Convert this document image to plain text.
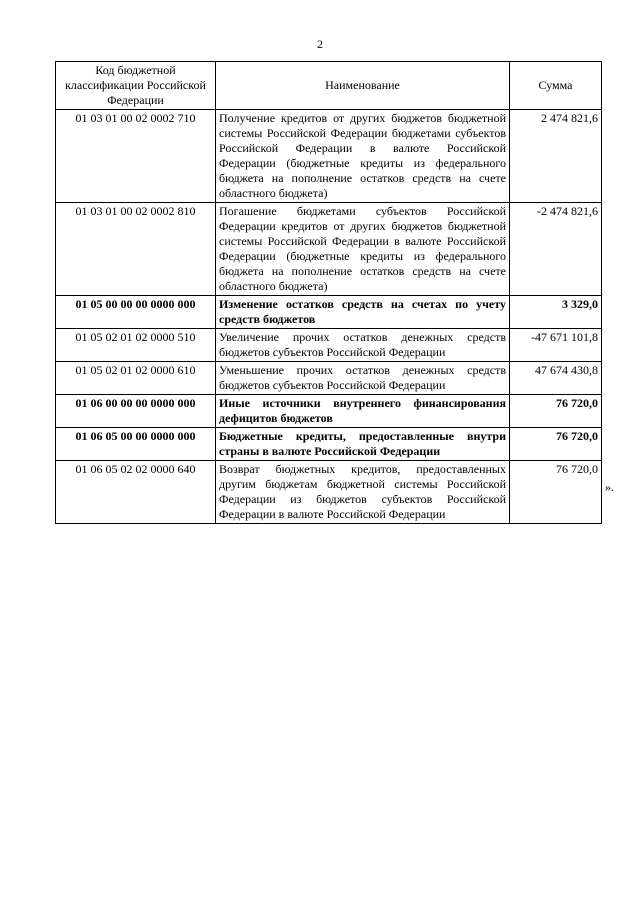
2
Код бюджетной классификации Российской Федерации	Наименование	Сумма
01 03 01 00 02 0002 710	Получение кредитов от других бюджетов бюджетной системы Российской Федерации бюджетами субъектов Российской Федерации в валюте Российской Федерации (бюджетные кредиты из федерального бюджета на пополнение остатков средств на счете областного бюджета)	2 474 821,6
01 03 01 00 02 0002 810	Погашение бюджетами субъектов Российской Федерации кредитов от других бюджетов бюджетной системы Российской Федерации в валюте Российской Федерации (бюджетные кредиты из федерального бюджета на пополнение остатков средств на счете областного бюджета)	-2 474 821,6
01 05 00 00 00 0000 000	Изменение остатков средств на счетах по учету средств бюджетов	3 329,0
01 05 02 01 02 0000 510	Увеличение прочих остатков денежных средств бюджетов субъектов Российской Федерации	-47 671 101,8
01 05 02 01 02 0000 610	Уменьшение прочих остатков денежных средств бюджетов субъектов Российской Федерации	47 674 430,8
01 06 00 00 00 0000 000	Иные источники внутреннего финансирования дефицитов бюджетов	76 720,0
01 06 05 00 00 0000 000	Бюджетные кредиты, предоставленные внутри страны в валюте Российской Федерации	76 720,0
01 06 05 02 02 0000 640	Возврат бюджетных кредитов, предоставленных другим бюджетам бюджетной системы Российской Федерации из бюджетов субъектов Российской Федерации в валюте Российской Федерации	76 720,0
».
